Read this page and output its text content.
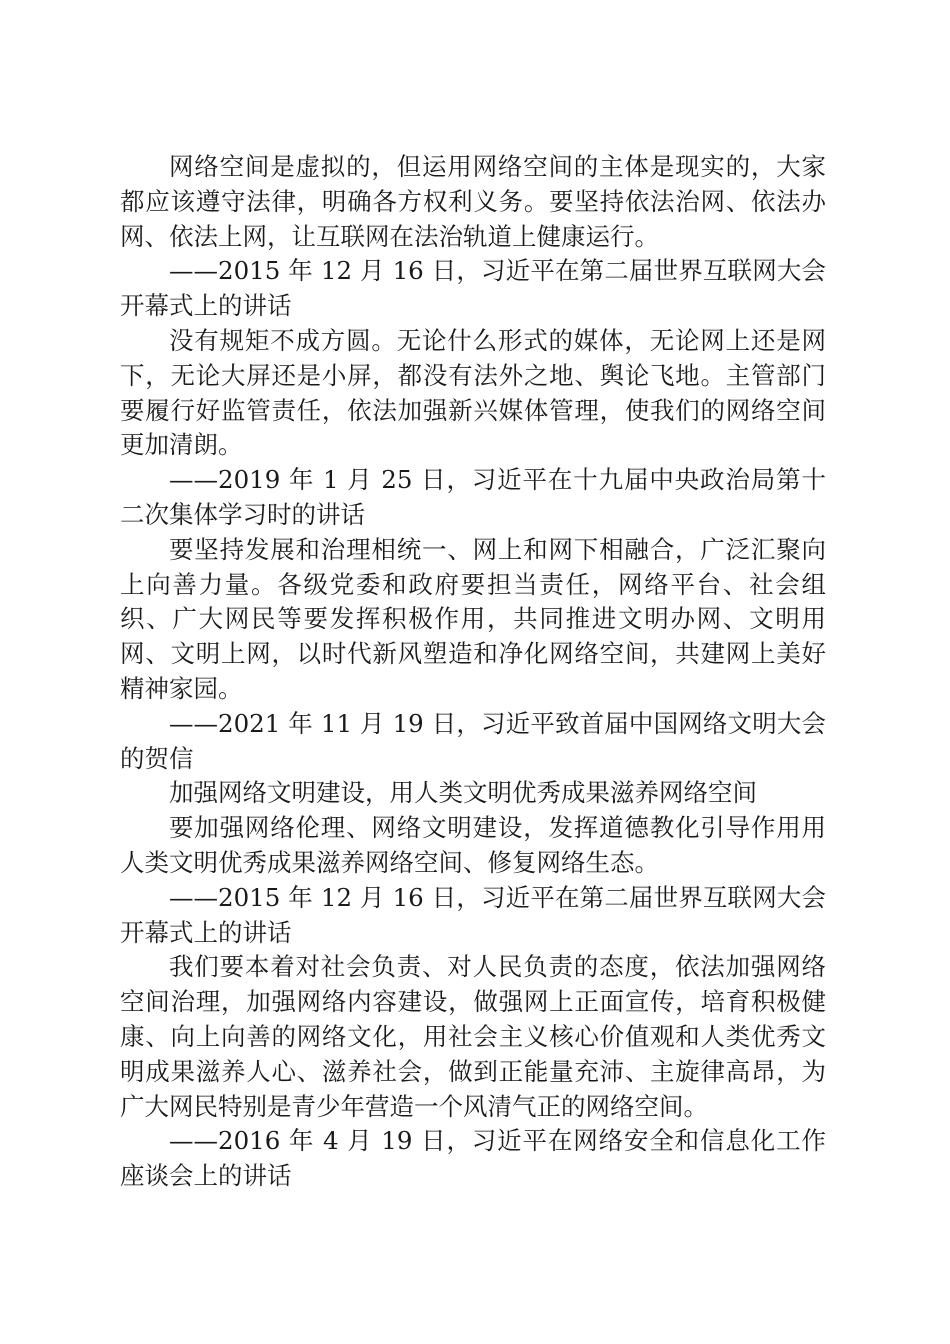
网络空间是虚拟的，但运用网络空间的主体是现实的，大家都应该遵守法律，明确各方权利义务。要坚持依法治网、依法办网、依法上网，让互联网在法治轨道上健康运行。

——2015 年 12 月 16 日，习近平在第二届世界互联网大会开幕式上的讲话

没有规矩不成方圆。无论什么形式的媒体，无论网上还是网下，无论大屏还是小屏，都没有法外之地、舆论飞地。主管部门要履行好监管责任，依法加强新兴媒体管理，使我们的网络空间更加清朗。

——2019 年 1 月 25 日，习近平在十九届中央政治局第十二次集体学习时的讲话

要坚持发展和治理相统一、网上和网下相融合，广泛汇聚向上向善力量。各级党委和政府要担当责任，网络平台、社会组织、广大网民等要发挥积极作用，共同推进文明办网、文明用网、文明上网，以时代新风塑造和净化网络空间，共建网上美好精神家园。

——2021 年 11 月 19 日，习近平致首届中国网络文明大会的贺信

加强网络文明建设，用人类文明优秀成果滋养网络空间

要加强网络伦理、网络文明建设，发挥道德教化引导作用用人类文明优秀成果滋养网络空间、修复网络生态。

——2015 年 12 月 16 日，习近平在第二届世界互联网大会开幕式上的讲话

我们要本着对社会负责、对人民负责的态度，依法加强网络空间治理，加强网络内容建设，做强网上正面宣传，培育积极健康、向上向善的网络文化，用社会主义核心价值观和人类优秀文明成果滋养人心、滋养社会，做到正能量充沛、主旋律高昂，为广大网民特别是青少年营造一个风清气正的网络空间。

——2016 年 4 月 19 日，习近平在网络安全和信息化工作座谈会上的讲话
